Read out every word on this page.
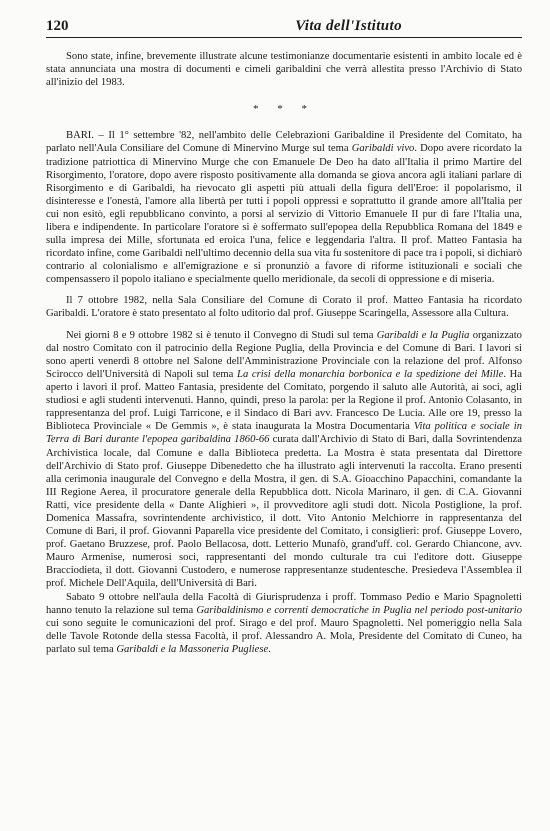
120	Vita dell'Istituto

Sono state, infine, brevemente illustrate alcune testimonianze documentarie esistenti in ambito locale ed è stata annunciata una mostra di documenti e cimeli garibaldini che verrà allestita presso l'Archivio di Stato all'inizio del 1983.

* * *

BARI. – Il 1° settembre '82, nell'ambito delle Celebrazioni Garibaldine il Presidente del Comitato, ha parlato nell'Aula Consiliare del Comune di Minervino Murge sul tema Garibaldi vivo. Dopo avere ricordato la tradizione patriottica di Minervino Murge che con Emanuele De Deo ha dato all'Italia il primo Martire del Risorgimento, l'oratore, dopo avere risposto positivamente alla domanda se giova ancora agli italiani parlare di Risorgimento e di Garibaldi, ha rievocato gli aspetti più attuali della figura dell'Eroe: il popolarismo, il disinteresse e l'onestà, l'amore alla libertà per tutti i popoli oppressi e soprattutto il grande amore all'Italia per cui non esitò, egli repubblicano convinto, a porsi al servizio di Vittorio Emanuele II pur di fare l'Italia una, libera e indipendente. In particolare l'oratore si è soffermato sull'epopea della Repubblica Romana del 1849 e sulla impresa dei Mille, sfortunata ed eroica l'una, felice e leggendaria l'altra. Il prof. Matteo Fantasia ha ricordato infine, come Garibaldi nell'ultimo decennio della sua vita fu sostenitore di pace tra i popoli, si dichiarò contrario al colonialismo e all'emigrazione e si pronunziò a favore di riforme istituzionali e sociali che compensassero il popolo italiano e specialmente quello meridionale, da secoli di oppressione e di miseria.

Il 7 ottobre 1982, nella Sala Consiliare del Comune di Corato il prof. Matteo Fantasia ha ricordato Garibaldi. L'oratore è stato presentato al folto uditorio dal prof. Giuseppe Scaringella, Assessore alla Cultura.

Nei giorni 8 e 9 ottobre 1982 si è tenuto il Convegno di Studi sul tema Garibaldi e la Puglia organizzato dal nostro Comitato con il patrocinio della Regione Puglia, della Provincia e del Comune di Bari. I lavori si sono aperti venerdì 8 ottobre nel Salone dell'Amministrazione Provinciale con la relazione del prof. Alfonso Scirocco dell'Università di Napoli sul tema La crisi della monarchia borbonica e la spedizione dei Mille. Ha aperto i lavori il prof. Matteo Fantasia, presidente del Comitato, porgendo il saluto alle Autorità, ai soci, agli studiosi e agli studenti intervenuti. Hanno, quindi, preso la parola: per la Regione il prof. Antonio Colasanto, in rappresentanza del prof. Luigi Tarricone, e il Sindaco di Bari avv. Francesco De Lucia. Alle ore 19, presso la Biblioteca Provinciale « De Gemmis », è stata inaugurata la Mostra Documentaria Vita politica e sociale in Terra di Bari durante l'epopea garibaldina 1860-66 curata dall'Archivio di Stato di Bari, dalla Sovrintendenza Archivistica locale, dal Comune e dalla Biblioteca predetta. La Mostra è stata presentata dal Direttore dell'Archivio di Stato prof. Giuseppe Dibenedetto che ha illustrato agli intervenuti la raccolta. Erano presenti alla cerimonia inaugurale del Convegno e della Mostra, il gen. di S.A. Gioacchino Papacchini, comandante la III Regione Aerea, il procuratore generale della Repubblica dott. Nicola Marinaro, il gen. di C.A. Giovanni Ratti, vice presidente della « Dante Alighieri », il provveditore agli studi dott. Nicola Postiglione, la prof. Domenica Massafra, sovrintendente archivistico, il dott. Vito Antonio Melchiorre in rappresentanza del Comune di Bari, il prof. Giovanni Paparella vice presidente del Comitato, i consiglieri: prof. Giuseppe Lovero, prof. Gaetano Bruzzese, prof. Paolo Bellacosa, dott. Letterio Munafò, grand'uff. col. Gerardo Chiancone, avv. Mauro Armenise, numerosi soci, rappresentanti del mondo culturale tra cui l'editore dott. Giuseppe Bracciodieta, il dott. Giovanni Custodero, e numerose rappresentanze studentesche. Presiedeva l'Assemblea il prof. Michele Dell'Aquila, dell'Università di Bari.

Sabato 9 ottobre nell'aula della Facoltà di Giurisprudenza i proff. Tommaso Pedio e Mario Spagnoletti hanno tenuto la relazione sul tema Garibaldinismo e correnti democratiche in Puglia nel periodo post-unitario cui sono seguite le comunicazioni del prof. Sirago e del prof. Mauro Spagnoletti. Nel pomeriggio nella Sala delle Tavole Rotonde della stessa Facoltà, il prof. Alessandro A. Mola, Presidente del Comitato di Cuneo, ha parlato sul tema Garibaldi e la Massoneria Pugliese.
